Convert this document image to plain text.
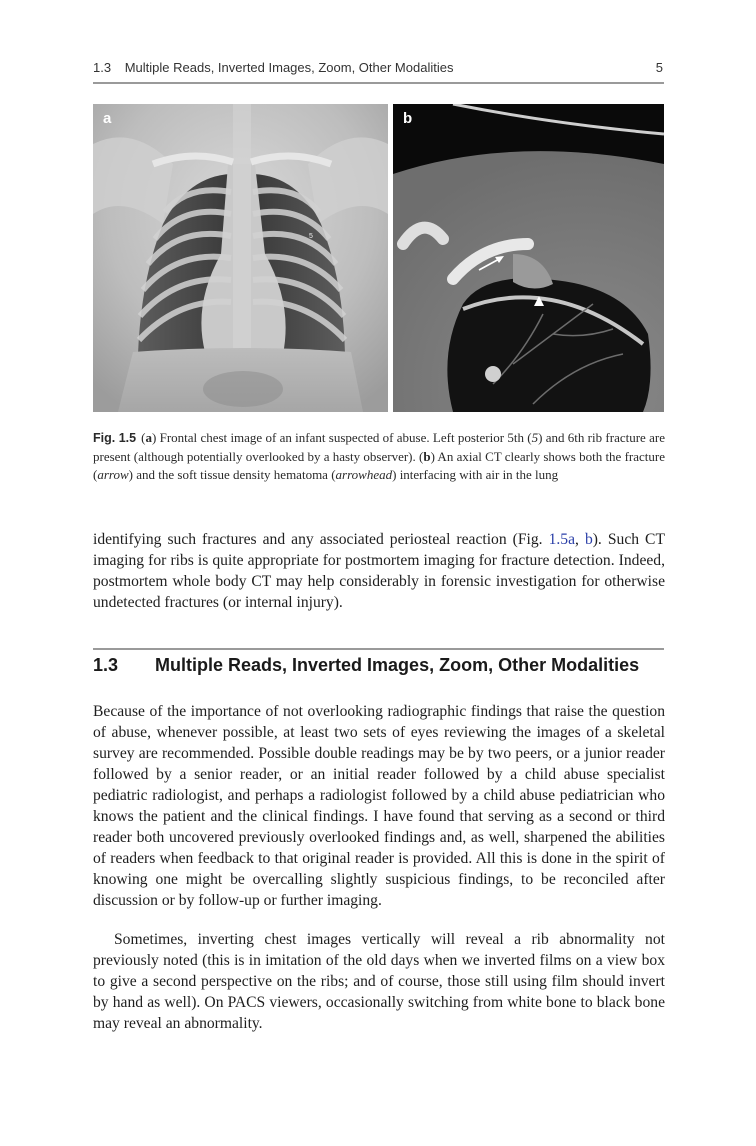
1.3 Multiple Reads, Inverted Images, Zoom, Other Modalities	5
5
a	b
Fig. 1.5 (a) Frontal chest image of an infant suspected of abuse. Left posterior 5th (5) and 6th rib fracture are present (although potentially overlooked by a hasty observer). (b) An axial CT clearly shows both the fracture (arrow) and the soft tissue density hematoma (arrowhead) interfacing with air in the lung
identifying such fractures and any associated periosteal reaction (Fig. 1.5a, b). Such CT imaging for ribs is quite appropriate for postmortem imaging for fracture detection. Indeed, postmortem whole body CT may help considerably in forensic investigation for otherwise undetected fractures (or internal injury).
1.3 Multiple Reads, Inverted Images, Zoom, Other Modalities
Because of the importance of not overlooking radiographic findings that raise the question of abuse, whenever possible, at least two sets of eyes reviewing the images of a skeletal survey are recommended. Possible double readings may be by two peers, or a junior reader followed by a senior reader, or an initial reader followed by a child abuse specialist pediatric radiologist, and perhaps a radiologist followed by a child abuse pediatrician who knows the patient and the clinical findings. I have found that serving as a second or third reader both uncovered previously overlooked findings and, as well, sharpened the abilities of readers when feedback to that original reader is provided. All this is done in the spirit of knowing one might be overcalling slightly suspicious findings, to be reconciled after discussion or by follow-up or further imaging.
Sometimes, inverting chest images vertically will reveal a rib abnormality not previously noted (this is in imitation of the old days when we inverted films on a view box to give a second perspective on the ribs; and of course, those still using film should invert by hand as well). On PACS viewers, occasionally switching from white bone to black bone may reveal an abnormality.
